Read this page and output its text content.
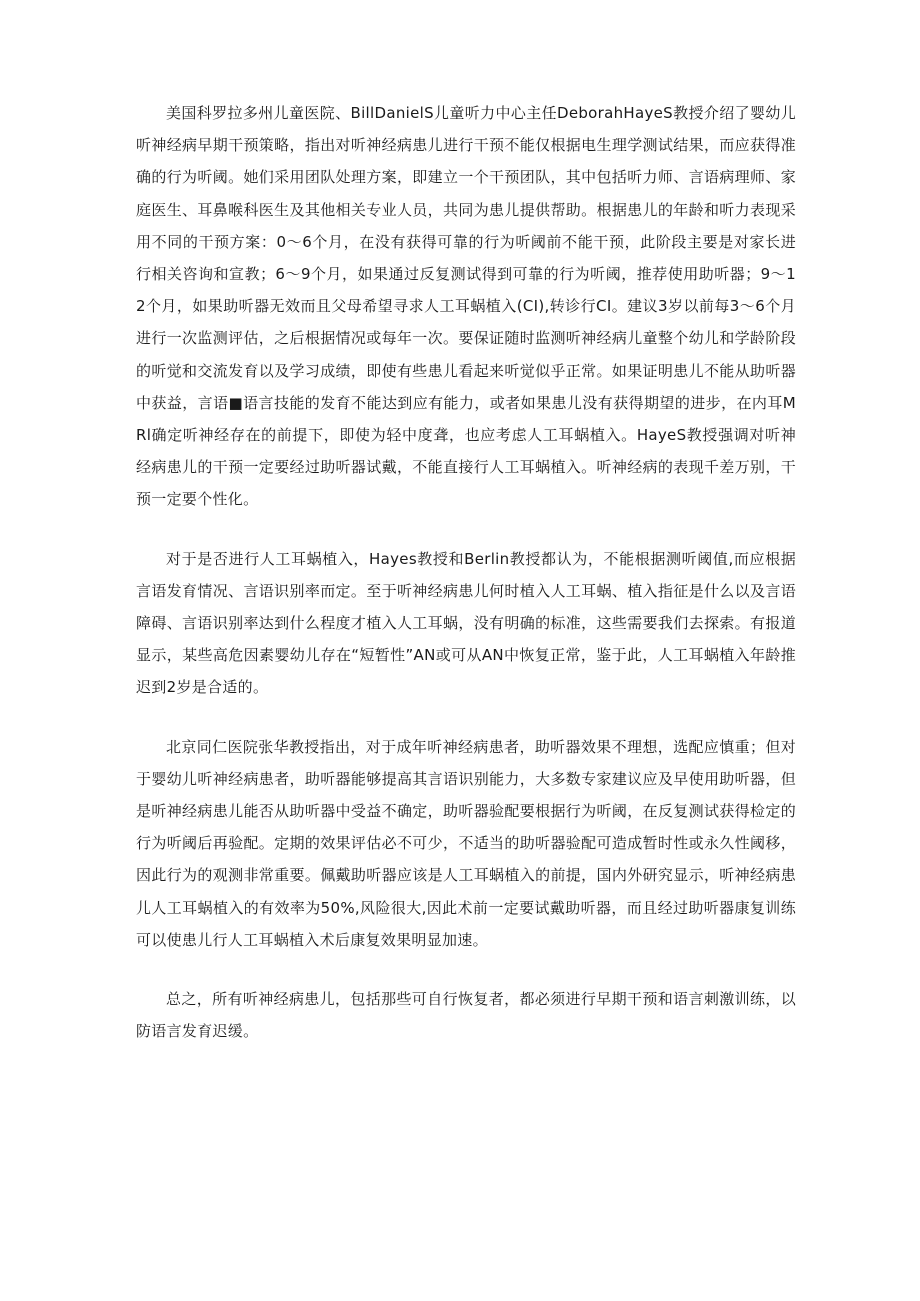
美国科罗拉多州儿童医院、BillDanielS儿童听力中心主任DeborahHayeS教授介绍了婴幼儿听神经病早期干预策略，指出对听神经病患儿进行干预不能仅根据电生理学测试结果，而应获得准确的行为听阈。她们采用团队处理方案，即建立一个干预团队，其中包括听力师、言语病理师、家庭医生、耳鼻喉科医生及其他相关专业人员，共同为患儿提供帮助。根据患儿的年龄和听力表现采用不同的干预方案：0～6个月，在没有获得可靠的行为听阈前不能干预，此阶段主要是对家长进行相关咨询和宣教；6～9个月，如果通过反复测试得到可靠的行为听阈，推荐使用助听器；9～12个月，如果助听器无效而且父母希望寻求人工耳蜗植入(CI),转诊行CI。建议3岁以前每3～6个月进行一次监测评估，之后根据情况或每年一次。要保证随时监测听神经病儿童整个幼儿和学龄阶段的听觉和交流发育以及学习成绩，即使有些患儿看起来听觉似乎正常。如果证明患儿不能从助听器中获益，言语■语言技能的发育不能达到应有能力，或者如果患儿没有获得期望的进步，在内耳MRl确定听神经存在的前提下，即使为轻中度聋，也应考虑人工耳蜗植入。HayeS教授强调对听神经病患儿的干预一定要经过助听器试戴，不能直接行人工耳蜗植入。听神经病的表现千差万别，干预一定要个性化。

对于是否进行人工耳蜗植入，Hayes教授和Berlin教授都认为，不能根据测听阈值,而应根据言语发育情况、言语识别率而定。至于听神经病患儿何时植入人工耳蜗、植入指征是什么以及言语障碍、言语识别率达到什么程度才植入人工耳蜗，没有明确的标准，这些需要我们去探索。有报道显示，某些高危因素婴幼儿存在“短暂性”AN或可从AN中恢复正常，鉴于此，人工耳蜗植入年龄推迟到2岁是合适的。

北京同仁医院张华教授指出，对于成年听神经病患者，助听器效果不理想，选配应慎重；但对于婴幼儿听神经病患者，助听器能够提高其言语识别能力，大多数专家建议应及早使用助听器，但是听神经病患儿能否从助听器中受益不确定，助听器验配要根据行为听阈，在反复测试获得检定的行为听阈后再验配。定期的效果评估必不可少，不适当的助听器验配可造成暂时性或永久性阈移，因此行为的观测非常重要。佩戴助听器应该是人工耳蜗植入的前提，国内外研究显示，听神经病患儿人工耳蜗植入的有效率为50%,风险很大,因此术前一定要试戴助听器，而且经过助听器康复训练可以使患儿行人工耳蜗植入术后康复效果明显加速。

总之，所有听神经病患儿，包括那些可自行恢复者，都必须进行早期干预和语言刺激训练，以防语言发育迟缓。
